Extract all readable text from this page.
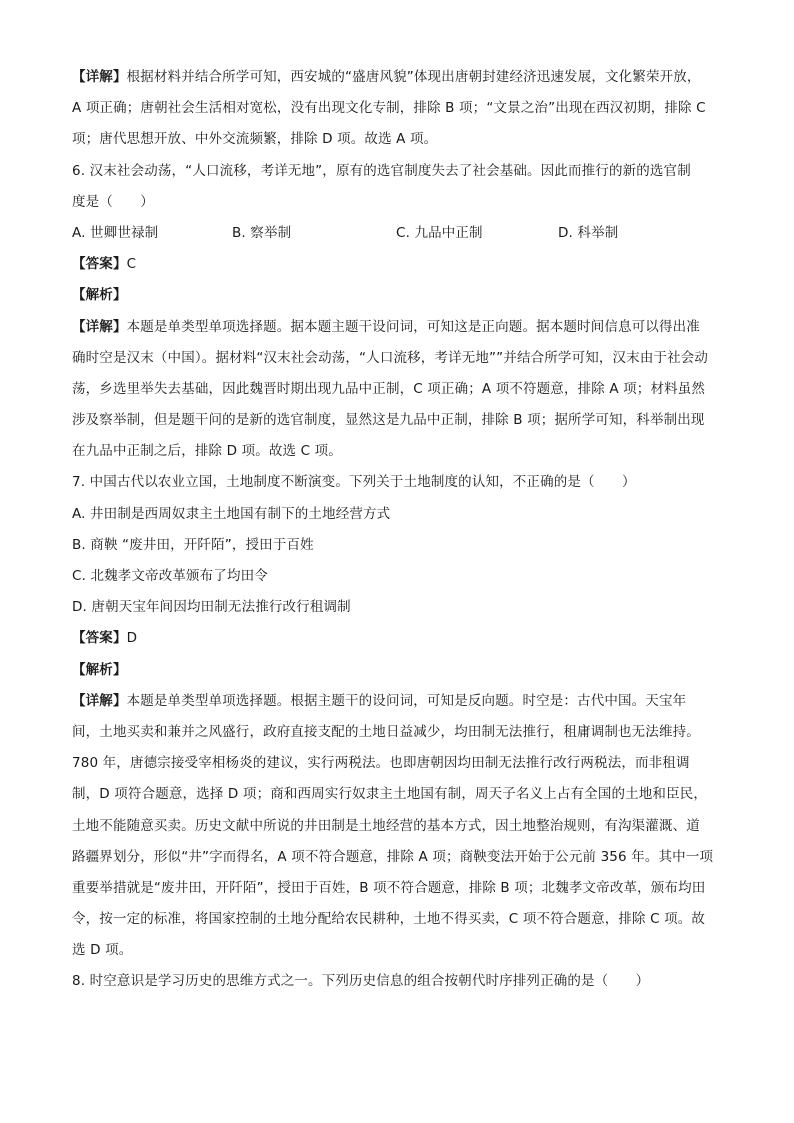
【详解】根据材料并结合所学可知，西安城的“盛唐风貌”体现出唐朝封建经济迅速发展，文化繁荣开放，
A 项正确；唐朝社会生活相对宽松，没有出现文化专制，排除 B 项；“文景之治”出现在西汉初期，排除 C
项；唐代思想开放、中外交流频繁，排除 D 项。故选 A 项。
6. 汉末社会动荡，“人口流移，考详无地”，原有的选官制度失去了社会基础。因此而推行的新的选官制
度是（　　）
A. 世卿世禄制	B. 察举制	C. 九品中正制	D. 科举制
【答案】C
【解析】
【详解】本题是单类型单项选择题。据本题主题干设问词，可知这是正向题。据本题时间信息可以得出准
确时空是汉末（中国）。据材料“汉末社会动荡，“人口流移，考详无地””并结合所学可知，汉末由于社会动
荡，乡选里举失去基础，因此魏晋时期出现九品中正制，C 项正确；A 项不符题意，排除 A 项；材料虽然
涉及察举制，但是题干问的是新的选官制度，显然这是九品中正制，排除 B 项；据所学可知，科举制出现
在九品中正制之后，排除 D 项。故选 C 项。
7. 中国古代以农业立国，土地制度不断演变。下列关于土地制度的认知，不正确的是（　　）
A. 井田制是西周奴隶主土地国有制下的土地经营方式
B. 商鞅 “废井田，开阡陌”，授田于百姓
C. 北魏孝文帝改革颁布了均田令
D. 唐朝天宝年间因均田制无法推行改行租调制
【答案】D
【解析】
【详解】本题是单类型单项选择题。根据主题干的设问词，可知是反向题。时空是：古代中国。天宝年
间，土地买卖和兼并之风盛行，政府直接支配的土地日益减少，均田制无法推行，租庸调制也无法维持。
780 年，唐德宗接受宰相杨炎的建议，实行两税法。也即唐朝因均田制无法推行改行两税法，而非租调
制，D 项符合题意，选择 D 项；商和西周实行奴隶主土地国有制，周天子名义上占有全国的土地和臣民，
土地不能随意买卖。历史文献中所说的井田制是土地经营的基本方式，因土地整治规则，有沟渠灌溉、道
路疆界划分，形似“井”字而得名，A 项不符合题意，排除 A 项；商鞅变法开始于公元前 356 年。其中一项
重要举措就是“废井田，开阡陌”，授田于百姓，B 项不符合题意，排除 B 项；北魏孝文帝改革，颁布均田
令，按一定的标准，将国家控制的土地分配给农民耕种，土地不得买卖，C 项不符合题意，排除 C 项。故
选 D 项。
8. 时空意识是学习历史的思维方式之一。下列历史信息的组合按朝代时序排列正确的是（　　）
